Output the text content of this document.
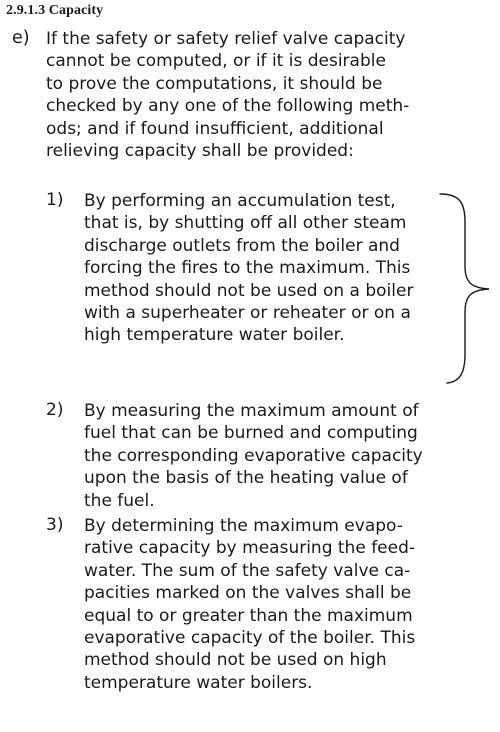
2.9.1.3 Capacity
e) If the safety or safety relief valve capacity
cannot be computed, or if it is desirable
to prove the computations, it should be
checked by any one of the following meth-
ods; and if found insufficient, additional
relieving capacity shall be provided:

1) By performing an accumulation test,
that is, by shutting off all other steam
discharge outlets from the boiler and
forcing the fires to the maximum. This
method should not be used on a boiler
with a superheater or reheater or on a
high temperature water boiler.

2) By measuring the maximum amount of
fuel that can be burned and computing
the corresponding evaporative capacity
upon the basis of the heating value of
the fuel.

3) By determining the maximum evapo-
rative capacity by measuring the feed-
water. The sum of the safety valve ca-
pacities marked on the valves shall be
equal to or greater than the maximum
evaporative capacity of the boiler. This
method should not be used on high
temperature water boilers.
